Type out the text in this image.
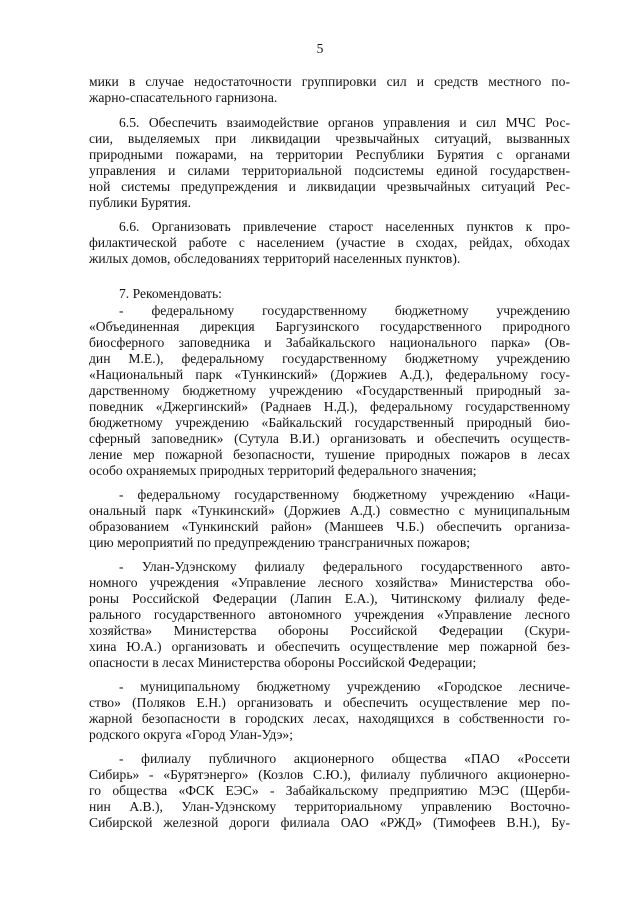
5
мики в случае недостаточности группировки сил и средств местного по-
жарно-спасательного гарнизона.
6.5. Обеспечить взаимодействие органов управления и сил МЧС Рос-
сии, выделяемых при ликвидации чрезвычайных ситуаций, вызванных
природными пожарами, на территории Республики Бурятия с органами
управления и силами территориальной подсистемы единой государствен-
ной системы предупреждения и ликвидации чрезвычайных ситуаций Рес-
публики Бурятия.
6.6. Организовать привлечение старост населенных пунктов к про-
филактической работе с населением (участие в сходах, рейдах, обходах
жилых домов, обследованиях территорий населенных пунктов).
7. Рекомендовать:
- федеральному государственному бюджетному учреждению
«Объединенная дирекция Баргузинского государственного природного
биосферного заповедника и Забайкальского национального парка» (Ов-
дин М.Е.), федеральному государственному бюджетному учреждению
«Национальный парк «Тункинский» (Доржиев А.Д.), федеральному госу-
дарственному бюджетному учреждению «Государственный природный за-
поведник «Джергинский» (Раднаев Н.Д.), федеральному государственному
бюджетному учреждению «Байкальский государственный природный био-
сферный заповедник» (Сутула В.И.) организовать и обеспечить осуществ-
ление мер пожарной безопасности, тушение природных пожаров в лесах
особо охраняемых природных территорий федерального значения;
- федеральному государственному бюджетному учреждению «Наци-
ональный парк «Тункинский» (Доржиев А.Д.) совместно с муниципальным
образованием «Тункинский район» (Маншеев Ч.Б.) обеспечить организа-
цию мероприятий по предупреждению трансграничных пожаров;
- Улан-Удэнскому филиалу федерального государственного авто-
номного учреждения «Управление лесного хозяйства» Министерства обо-
роны Российской Федерации (Лапин Е.А.), Читинскому филиалу феде-
рального государственного автономного учреждения «Управление лесного
хозяйства» Министерства обороны Российской Федерации (Скури-
хина Ю.А.) организовать и обеспечить осуществление мер пожарной без-
опасности в лесах Министерства обороны Российской Федерации;
- муниципальному бюджетному учреждению «Городское лесниче-
ство» (Поляков Е.Н.) организовать и обеспечить осуществление мер по-
жарной безопасности в городских лесах, находящихся в собственности го-
родского округа «Город Улан-Удэ»;
- филиалу публичного акционерного общества «ПАО «Россети
Сибирь» - «Бурятэнерго» (Козлов С.Ю.), филиалу публичного акционерно-
го общества «ФСК ЕЭС» - Забайкальскому предприятию МЭС (Щерби-
нин А.В.), Улан-Удэнскому территориальному управлению Восточно-
Сибирской железной дороги филиала ОАО «РЖД» (Тимофеев В.Н.), Бу-
